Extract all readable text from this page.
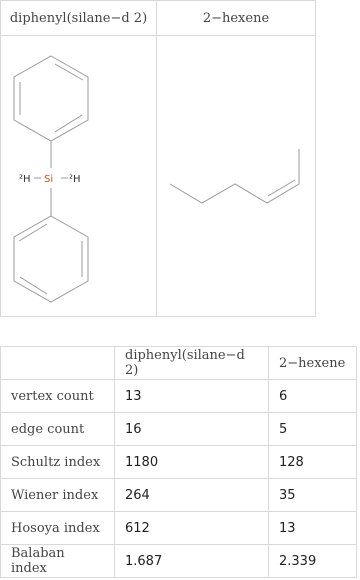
diphenyl(silane−d 2)	2−hexene

²H Si ²H

	diphenyl(silane−d 2)	2−hexene
vertex count	13	6
edge count	16	5
Schultz index	1180	128
Wiener index	264	35
Hosoya index	612	13
Balaban index	1.687	2.339
